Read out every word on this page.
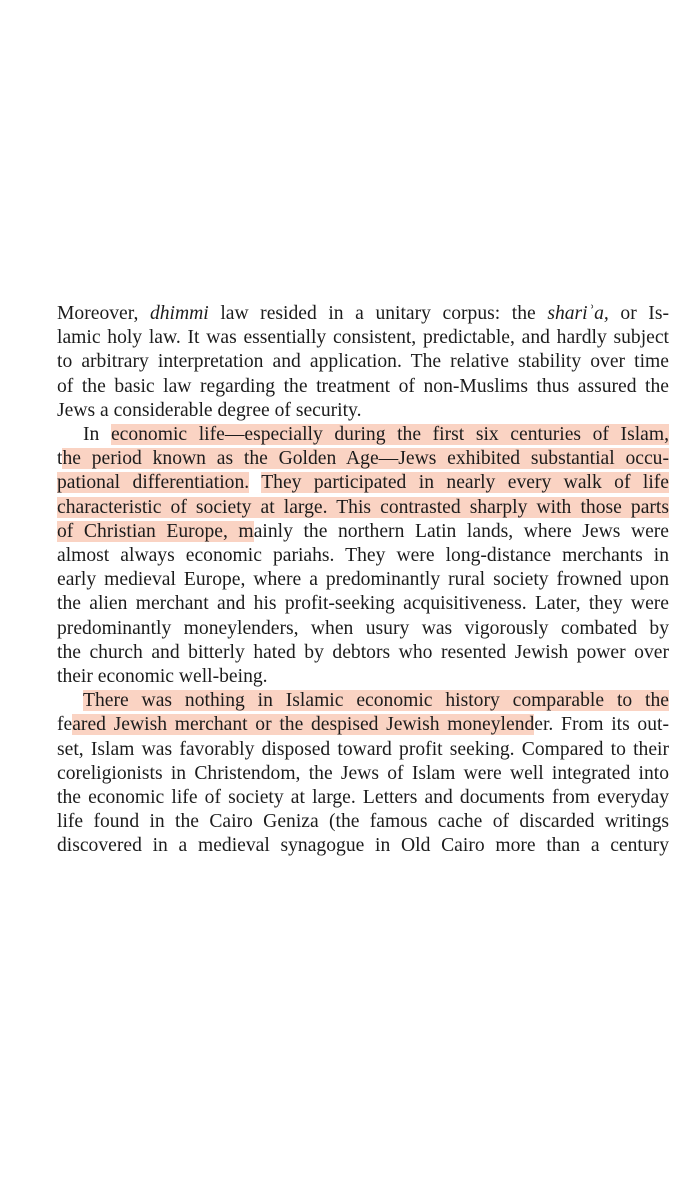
Moreover, dhimmi law resided in a unitary corpus: the shariʾa, or Is-
lamic holy law. It was essentially consistent, predictable, and hardly subject
to arbitrary interpretation and application. The relative stability over time
of the basic law regarding the treatment of non-Muslims thus assured the
Jews a considerable degree of security.
In economic life—especially during the first six centuries of Islam,
the period known as the Golden Age—Jews exhibited substantial occu-
pational differentiation. They participated in nearly every walk of life
characteristic of society at large. This contrasted sharply with those parts
of Christian Europe, mainly the northern Latin lands, where Jews were
almost always economic pariahs. They were long-distance merchants in
early medieval Europe, where a predominantly rural society frowned upon
the alien merchant and his profit-seeking acquisitiveness. Later, they were
predominantly moneylenders, when usury was vigorously combated by
the church and bitterly hated by debtors who resented Jewish power over
their economic well-being.
There was nothing in Islamic economic history comparable to the
feared Jewish merchant or the despised Jewish moneylender. From its out-
set, Islam was favorably disposed toward profit seeking. Compared to their
coreligionists in Christendom, the Jews of Islam were well integrated into
the economic life of society at large. Letters and documents from everyday
life found in the Cairo Geniza (the famous cache of discarded writings
discovered in a medieval synagogue in Old Cairo more than a century
